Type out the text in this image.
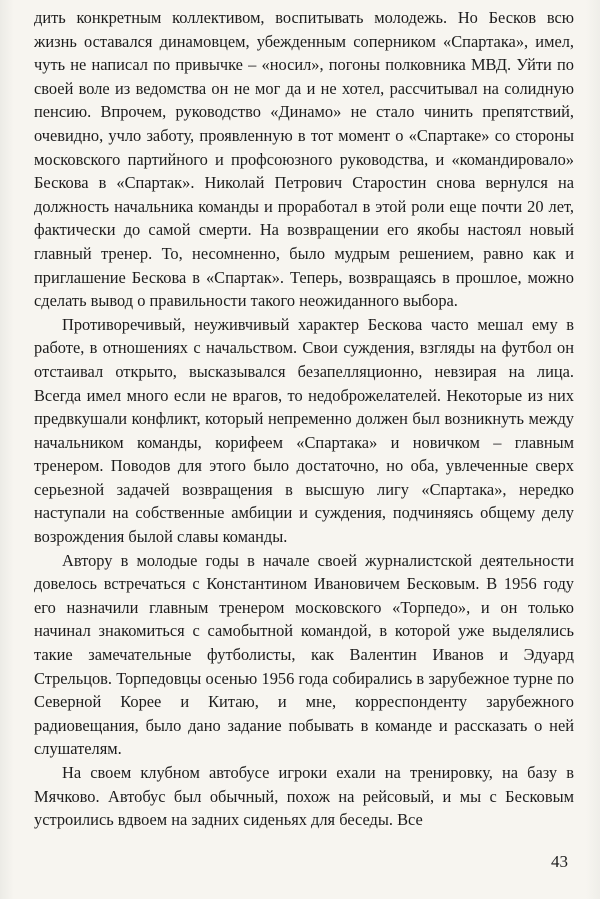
дить конкретным коллективом, воспитывать молодежь. Но Бесков всю жизнь оставался динамовцем, убежденным соперником «Спартака», имел, чуть не написал по привычке – «носил», погоны полковника МВД. Уйти по своей воле из ведомства он не мог да и не хотел, рассчитывал на солидную пенсию. Впрочем, руководство «Динамо» не стало чинить препятствий, очевидно, учло заботу, проявленную в тот момент о «Спартаке» со стороны московского партийного и профсоюзного руководства, и «командировало» Бескова в «Спартак». Николай Петрович Старостин снова вернулся на должность начальника команды и проработал в этой роли еще почти 20 лет, фактически до самой смерти. На возвращении его якобы настоял новый главный тренер. То, несомненно, было мудрым решением, равно как и приглашение Бескова в «Спартак». Теперь, возвращаясь в прошлое, можно сделать вывод о правильности такого неожиданного выбора.

Противоречивый, неуживчивый характер Бескова часто мешал ему в работе, в отношениях с начальством. Свои суждения, взгляды на футбол он отстаивал открыто, высказывался безапелляционно, невзирая на лица. Всегда имел много если не врагов, то недоброжелателей. Некоторые из них предвкушали конфликт, который непременно должен был возникнуть между начальником команды, корифеем «Спартака» и новичком – главным тренером. Поводов для этого было достаточно, но оба, увлеченные сверх серьезной задачей возвращения в высшую лигу «Спартака», нередко наступали на собственные амбиции и суждения, подчиняясь общему делу возрождения былой славы команды.

Автору в молодые годы в начале своей журналистской деятельности довелось встречаться с Константином Ивановичем Бесковым. В 1956 году его назначили главным тренером московского «Торпедо», и он только начинал знакомиться с самобытной командой, в которой уже выделялись такие замечательные футболисты, как Валентин Иванов и Эдуард Стрельцов. Торпедовцы осенью 1956 года собирались в зарубежное турне по Северной Корее и Китаю, и мне, корреспонденту зарубежного радиовещания, было дано задание побывать в команде и рассказать о ней слушателям.

На своем клубном автобусе игроки ехали на тренировку, на базу в Мячково. Автобус был обычный, похож на рейсовый, и мы с Бесковым устроились вдвоем на задних сиденьях для беседы. Все

43
